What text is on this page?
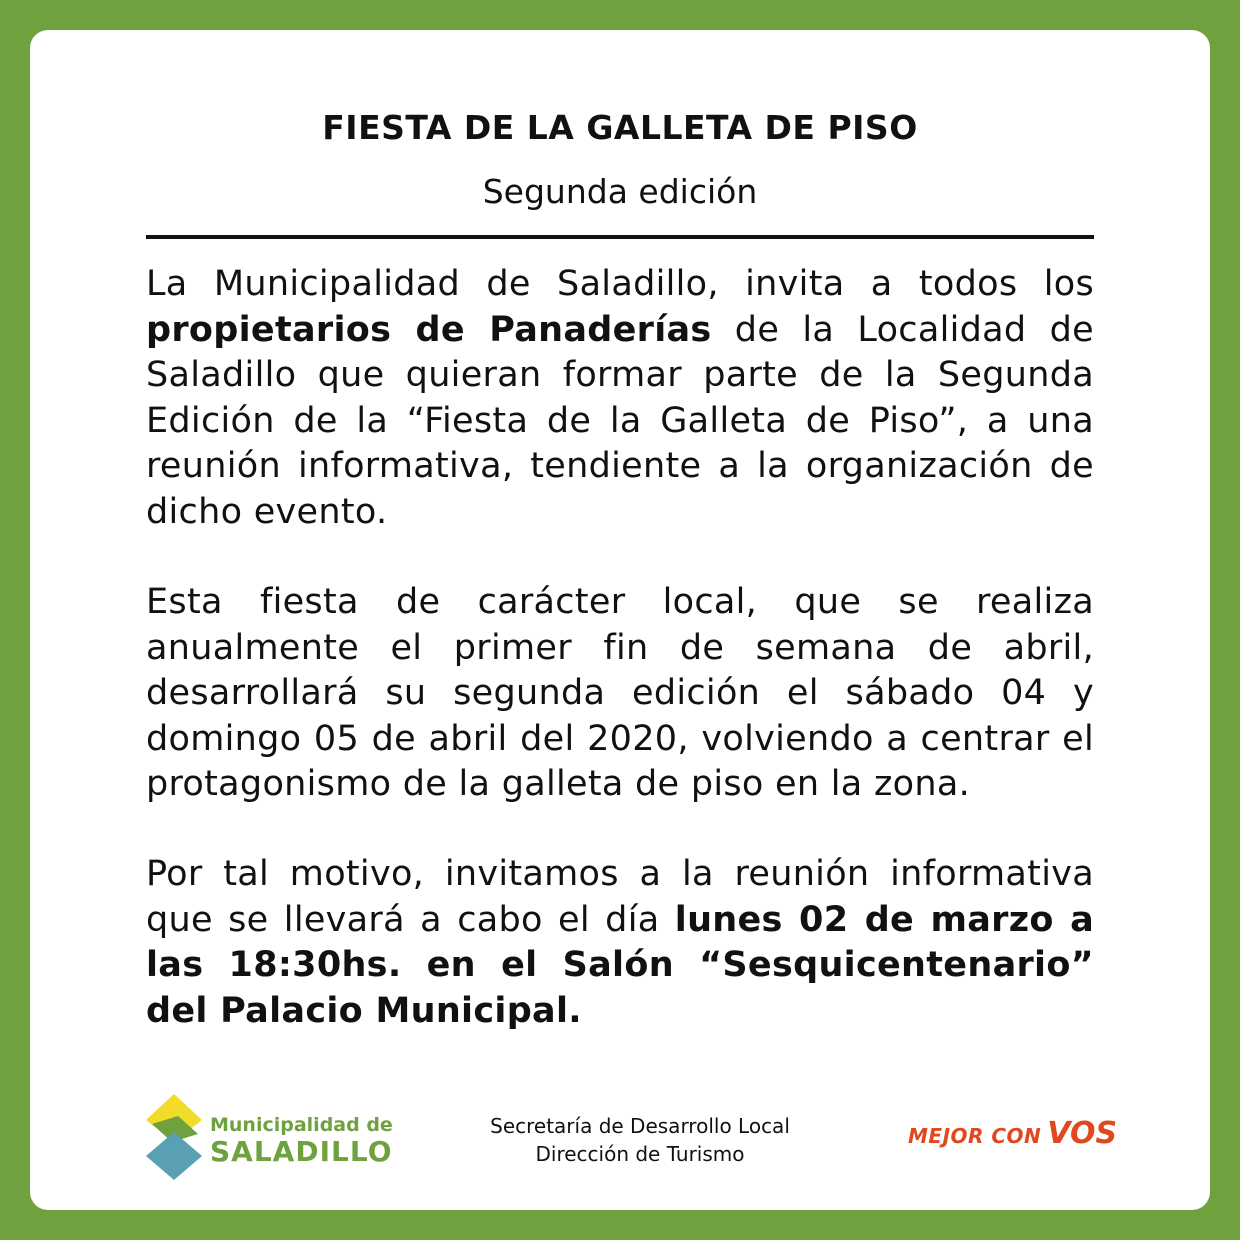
FIESTA DE LA GALLETA DE PISO
Segunda edición

La Municipalidad de Saladillo, invita a todos los propietarios de Panaderías de la Localidad de Saladillo que quieran formar parte de la Segunda Edición de la “Fiesta de la Galleta de Piso”, a una reunión informativa, tendiente a la organización de dicho evento.

Esta fiesta de carácter local, que se realiza anualmente el primer fin de semana de abril, desarrollará su segunda edición el sábado 04 y domingo 05 de abril del 2020, volviendo a centrar el protagonismo de la galleta de piso en la zona.

Por tal motivo, invitamos a la reunión informativa que se llevará a cabo el día lunes 02 de marzo a las 18:30hs. en el Salón “Sesquicentenario” del Palacio Municipal.

Municipalidad de
SALADILLO
Secretaría de Desarrollo Local
Dirección de Turismo
MEJOR CON VOS
